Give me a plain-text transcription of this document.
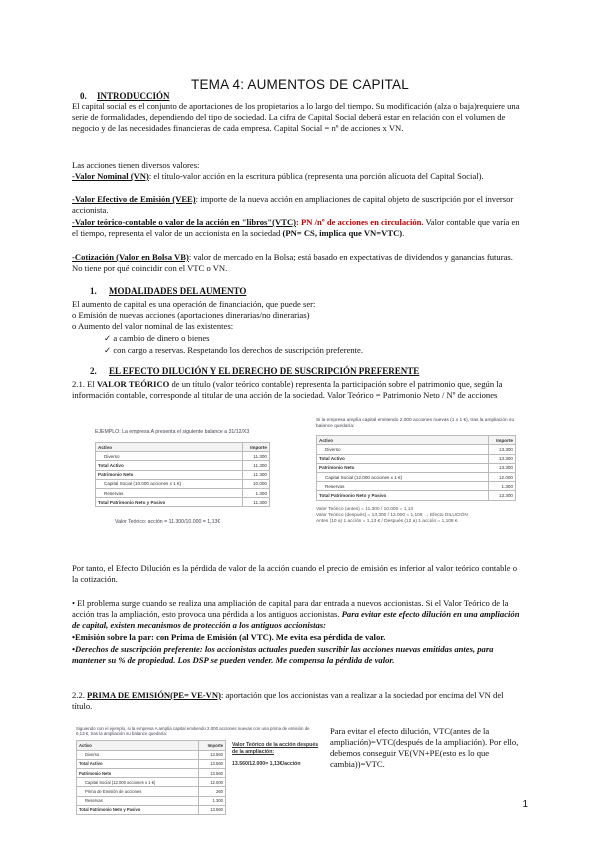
TEMA 4: AUMENTOS DE CAPITAL
0. INTRODUCCIÓN

El capital social es el conjunto de aportaciones de los propietarios a lo largo del tiempo. Su modificación (alza o baja)requiere una serie de formalidades, dependiendo del tipo de sociedad. La cifra de Capital Social deberá estar en relación con el volumen de negocio y de las necesidades financieras de cada empresa. Capital Social = nº de acciones x VN.

Las acciones tienen diversos valores:

-Valor Nominal (VN): el título-valor acción en la escritura pública (representa una porción alícuota del Capital Social).

-Valor Efectivo de Emisión (VEE): importe de la nueva acción en ampliaciones de capital objeto de suscripción por el inversor accionista.

-Valor teórico-contable o valor de la acción en "libros"(VTC): PN /nº de acciones en circulación. Valor contable que varía en el tiempo, representa el valor de un accionista en la sociedad (PN= CS, implica que VN=VTC).

-Cotización (Valor en Bolsa VB): valor de mercado en la Bolsa; está basado en expectativas de dividendos y ganancias futuras. No tiene por qué coincidir con el VTC o VN.

1. MODALIDADES DEL AUMENTO

El aumento de capital es una operación de financiación, que puede ser:

o Emisión de nuevas acciones (aportaciones dinerarias/no dinerarias)

o Aumento del valor nominal de las existentes:

✓ a cambio de dinero o bienes

✓ con cargo a reservas. Respetando los derechos de suscripción preferente.

2. EL EFECTO DILUCIÓN Y EL DERECHO DE SUSCRIPCIÓN PREFERENTE

2.1. El VALOR TEÓRICO de un título (valor teórico contable) representa la participación sobre el patrimonio que, según la información contable, corresponde al titular de una acción de la sociedad. Valor Teórico = Patrimonio Neto / Nº de acciones

EJEMPLO: La empresa A presenta el siguiente balance a 31/12/X3
Activo	Importe
Diverso	11.300
Total Activo	11.300
Patrimonio Neto	11.300
Capital Social (10.000 acciones x 1 €)	10.000
Reservas	1.300
Total Patrimonio Neto y Pasivo	11.300
Valor Teórico: acción = 11.300/10.000 = 1,13€
Si la empresa amplía capital emitiendo 2.000 acciones nuevas (1 x 1 €), tras la ampliación su balance quedaría:
Activo	Importe
Diverso	13.300
Total Activo	13.300
Patrimonio Neto	13.300
Capital Social (12.000 acciones x 1 €)	12.000
Reservas	1.300
Total Patrimonio Neto y Pasivo	13.300
Valor Teórico (antes) = 11.300 / 10.000 = 1,13
Valor Teórico (después) = 13.300 / 12.000 = 1,108 → Efecto DILUCIÓN
Antes (10 a) 1 acción = 1,13 € / Después (12 a) 1 acción = 1,108 €

Por tanto, el Efecto Dilución es la pérdida de valor de la acción cuando el precio de emisión es inferior al valor teórico contable o la cotización.

• El problema surge cuando se realiza una ampliación de capital para dar entrada a nuevos accionistas. Si el Valor Teórico de la acción tras la ampliación, esto provoca una pérdida a los antiguos accionistas. Para evitar este efecto dilución en una ampliación de capital, existen mecanismos de protección a los antiguos accionistas:

•Emisión sobre la par: con Prima de Emisión (al VTC). Me evita esa pérdida de valor.

•Derechos de suscripción preferente: los accionistas actuales pueden suscribir las acciones nuevas emitidas antes, para mantener su % de propiedad. Los DSP se pueden vender. Me compensa la pérdida de valor.

2.2. PRIMA DE EMISIÓN(PE= VE-VN): aportación que los accionistas van a realizar a la sociedad por encima del VN del título.

Siguiendo con el ejemplo, si la empresa A amplía capital emitiendo 2.000 acciones nuevas con una prima de emisión de 0,13 €, tras la ampliación su balance quedaría:
Activo	Importe
Diverso	13.560
Total Activo	13.560
Patrimonio Neto	13.560
Capital Social (12.000 acciones x 1 €)	12.000
Prima de Emisión de acciones	260
Reservas	1.300
Total Patrimonio Neto y Pasivo	13.560
Valor Teórico de la acción después de la ampliación:
13.560/12.000= 1,13€/acción

Para evitar el efecto dilución, VTC(antes de la ampliación)=VTC(después de la ampliación). Por ello, debemos conseguir VE(VN+PE(esto es lo que cambia))=VTC.

1
